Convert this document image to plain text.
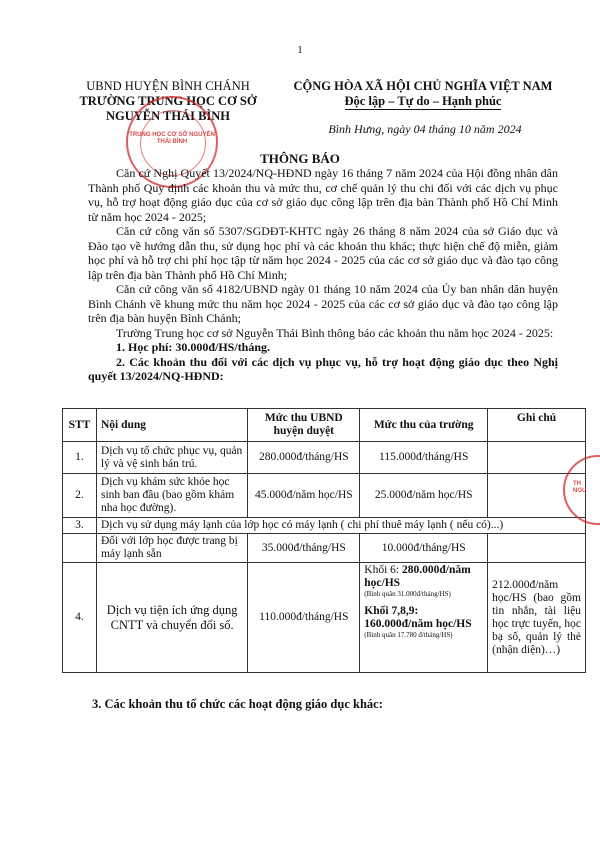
1
UBND HUYỆN BÌNH CHÁNH
TRƯỜNG TRUNG HỌC CƠ SỞ
NGUYỄN THÁI BÌNH
TRUNG HỌC CƠ SỞ NGUYỄN THÁI BÌNH
CỘNG HÒA XÃ HỘI CHỦ NGHĨA VIỆT NAM
Độc lập – Tự do – Hạnh phúc
Bình Hưng, ngày 04 tháng 10 năm 2024
THÔNG BÁO

Căn cứ Nghị Quyết 13/2024/NQ-HĐND ngày 16 tháng 7 năm 2024 của Hội đồng nhân dân Thành phố Quy định các khoản thu và mức thu, cơ chế quản lý thu chi đối với các dịch vụ phục vụ, hỗ trợ hoạt động giáo dục của cơ sở giáo dục công lập trên địa bàn Thành phố Hồ Chí Minh từ năm học 2024 - 2025;

Căn cứ công văn số 5307/SGDĐT-KHTC ngày 26 tháng 8 năm 2024 của sở Giáo dục và Đào tạo về hướng dẫn thu, sử dụng học phí và các khoản thu khác; thực hiện chế độ miễn, giảm học phí và hỗ trợ chi phí học tập từ năm học 2024 - 2025 của các cơ sở giáo dục và đào tạo công lập trên địa bàn Thành phố Hồ Chí Minh;

Căn cứ công văn số 4182/UBND ngày 01 tháng 10 năm 2024 của Ủy ban nhân dân huyện Bình Chánh về khung mức thu năm học 2024 - 2025 của các cơ sở giáo dục và đào tạo công lập trên địa bàn huyện Bình Chánh;

Trường Trung học cơ sở Nguyễn Thái Bình thông báo các khoản thu năm học 2024 - 2025:

1. Học phí: 30.000đ/HS/tháng.

2. Các khoản thu đối với các dịch vụ phục vụ, hỗ trợ hoạt động giáo dục theo Nghị quyết 13/2024/NQ-HĐND:

STT	Nội dung	Mức thu UBND huyện duyệt	Mức thu của trường	Ghi chú
1.	Dịch vụ tổ chức phục vụ, quản lý và vệ sinh bán trú.	280.000đ/tháng/HS	115.000đ/tháng/HS	
2.	Dịch vụ khám sức khỏe học sinh ban đầu (bao gồm khám nha học đường).	45.000đ/năm học/HS	25.000đ/năm học/HS	
3.	Dịch vụ sử dụng máy lạnh của lớp học có máy lạnh ( chi phí thuê máy lạnh ( nếu có)...)			
	Đối với lớp học được trang bị máy lạnh sẵn	35.000đ/tháng/HS	10.000đ/tháng/HS	
4.	Dịch vụ tiện ích ứng dụng CNTT và chuyển đổi số.	110.000đ/tháng/HS	Khối 6: 280.000đ/năm học/HS
(Bình quân 31.000đ/tháng/HS)
Khối 7,8,9: 160.000đ/năm học/HS
(Bình quân 17.780 đ/tháng/HS)	212.000đ/năm học/HS (bao gồm tin nhắn, tài liệu học trực tuyến, học bạ số, quản lý thẻ (nhận diện)…)
TH
NGU
3. Các khoản thu tổ chức các hoạt động giáo dục khác:
